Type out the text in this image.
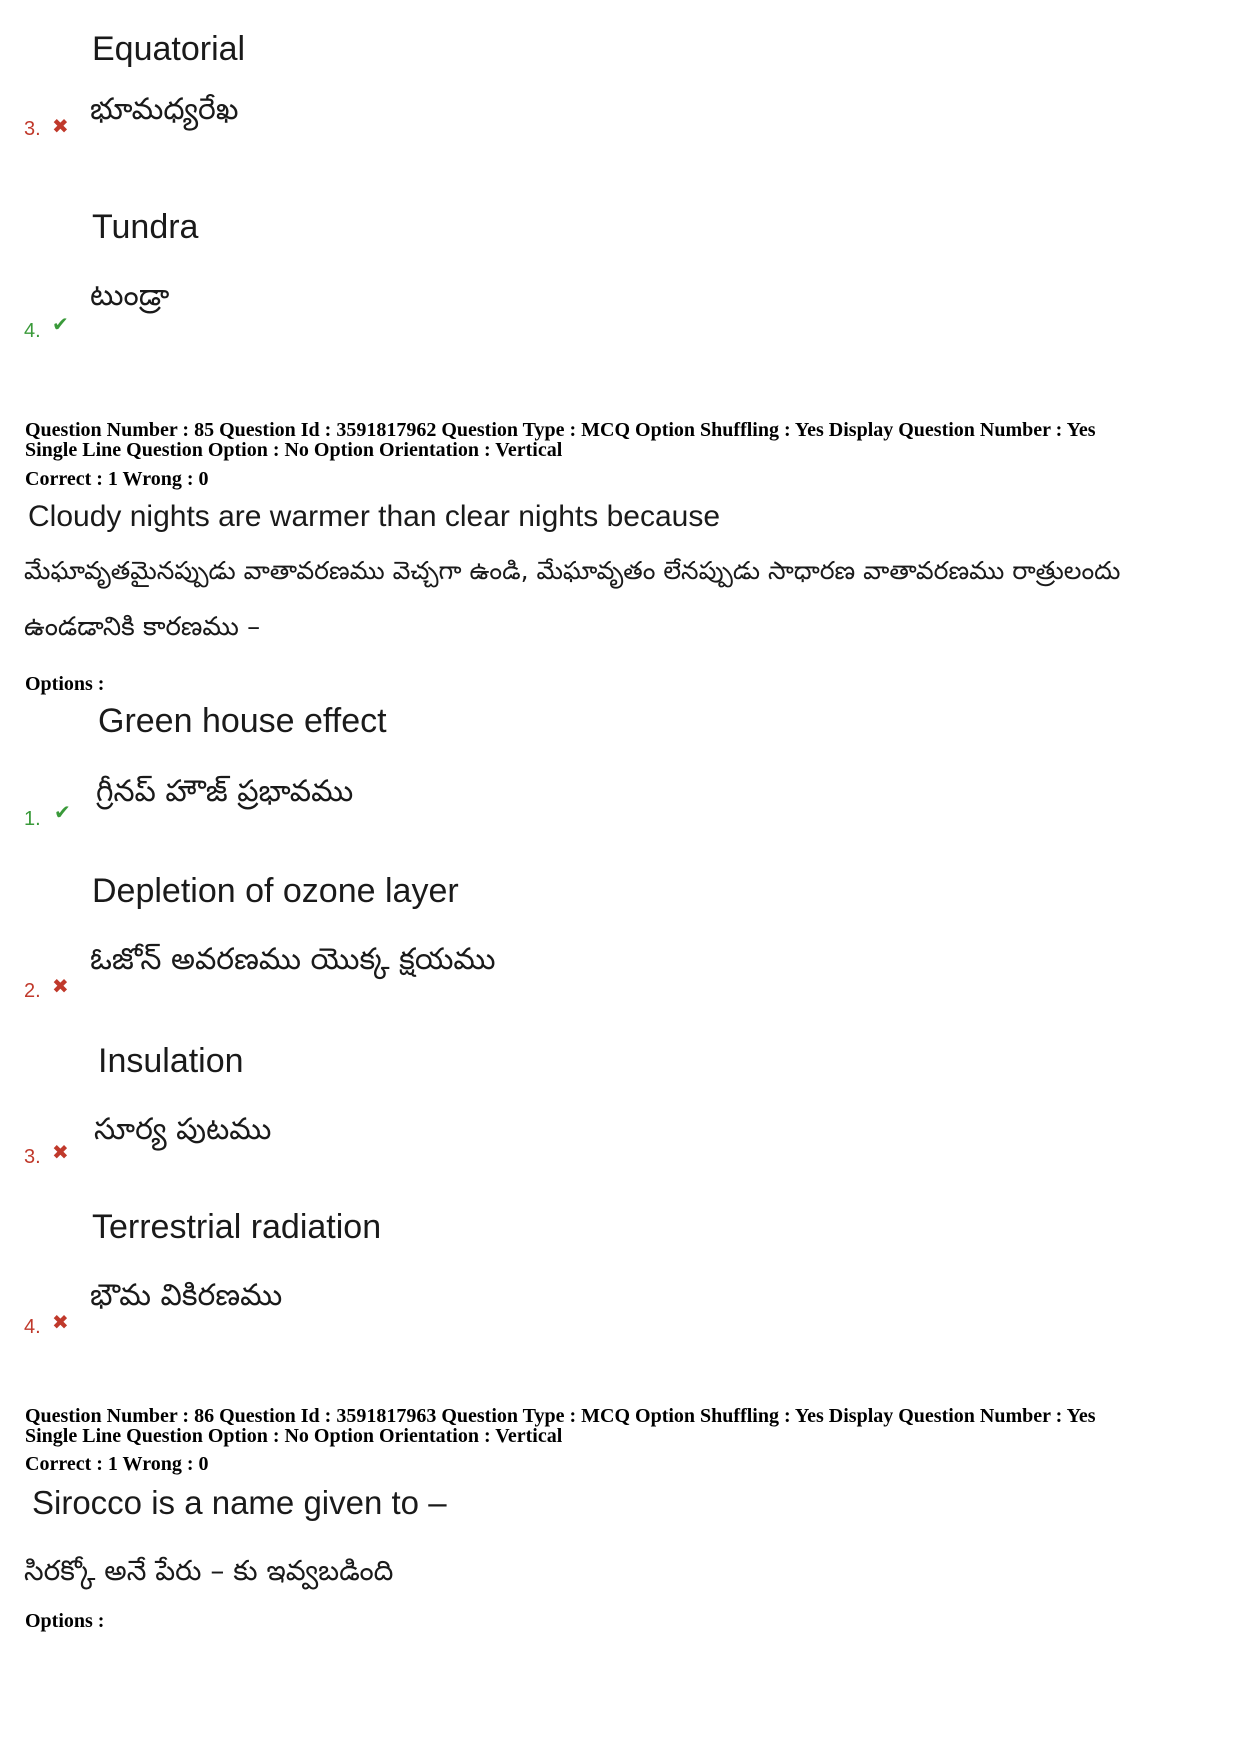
Equatorial
భూమధ్యరేఖ
3. ✖
Tundra
టుండ్రా
4. ✔
Question Number : 85 Question Id : 3591817962 Question Type : MCQ Option Shuffling : Yes Display Question Number : Yes
Single Line Question Option : No Option Orientation : Vertical
Correct : 1 Wrong : 0
Cloudy nights are warmer than clear nights because
మేఘావృతమైనప్పుడు వాతావరణము వెచ్చగా ఉండి, మేఘావృతం లేనప్పుడు సాధారణ వాతావరణము రాత్రులందు
ఉండడానికి కారణము –
Options :
Green house effect
గ్రీనప్ హౌజ్ ప్రభావము
1. ✔
Depletion of ozone layer
ఓజోన్ అవరణము యొక్క క్షయము
2. ✖
Insulation
సూర్య పుటము
3. ✖
Terrestrial radiation
భౌమ వికిరణము
4. ✖
Question Number : 86 Question Id : 3591817963 Question Type : MCQ Option Shuffling : Yes Display Question Number : Yes
Single Line Question Option : No Option Orientation : Vertical
Correct : 1 Wrong : 0
Sirocco is a name given to –
సిరక్కో అనే పేరు – కు ఇవ్వబడింది
Options :
